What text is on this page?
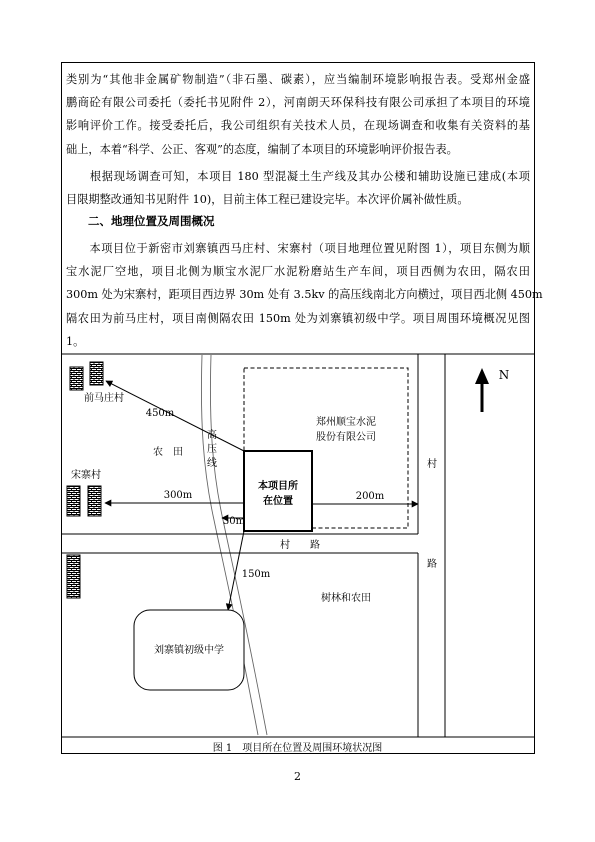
类别为“其他非金属矿物制造”（非石墨、碳素），应当编制环境影响报告表。受郑州金盛
鹏商砼有限公司委托（委托书见附件 2），河南朗天环保科技有限公司承担了本项目的环境
影响评价工作。接受委托后，我公司组织有关技术人员，在现场调查和收集有关资料的基
础上，本着“科学、公正、客观”的态度，编制了本项目的环境影响评价报告表。
　　根据现场调查可知，本项目 180 型混凝土生产线及其办公楼和辅助设施已建成(本项
目限期整改通知书见附件 10)，目前主体工程已建设完毕。本次评价属补做性质。
二、地理位置及周围概况
　　本项目位于新密市刘寨镇西马庄村、宋寨村（项目地理位置见附图 1），项目东侧为顺
宝水泥厂空地，项目北侧为顺宝水泥厂水泥粉磨站生产车间，项目西侧为农田，隔农田
300m 处为宋寨村，距项目西边界 30m 处有 3.5kv 的高压线南北方向横过，项目西北侧 450m
隔农田为前马庄村，项目南侧隔农田 150m 处为刘寨镇初级中学。项目周围环境概况见图
1。
前马庄村
宋寨村
高
压
线
农　田
郑州顺宝水泥
股份有限公司
本项目所
在位置
村
路
村　　路
450m
300m
30m
200m
150m
树林和农田
刘寨镇初级中学
N
图 1　项目所在位置及周围环境状况图
2
